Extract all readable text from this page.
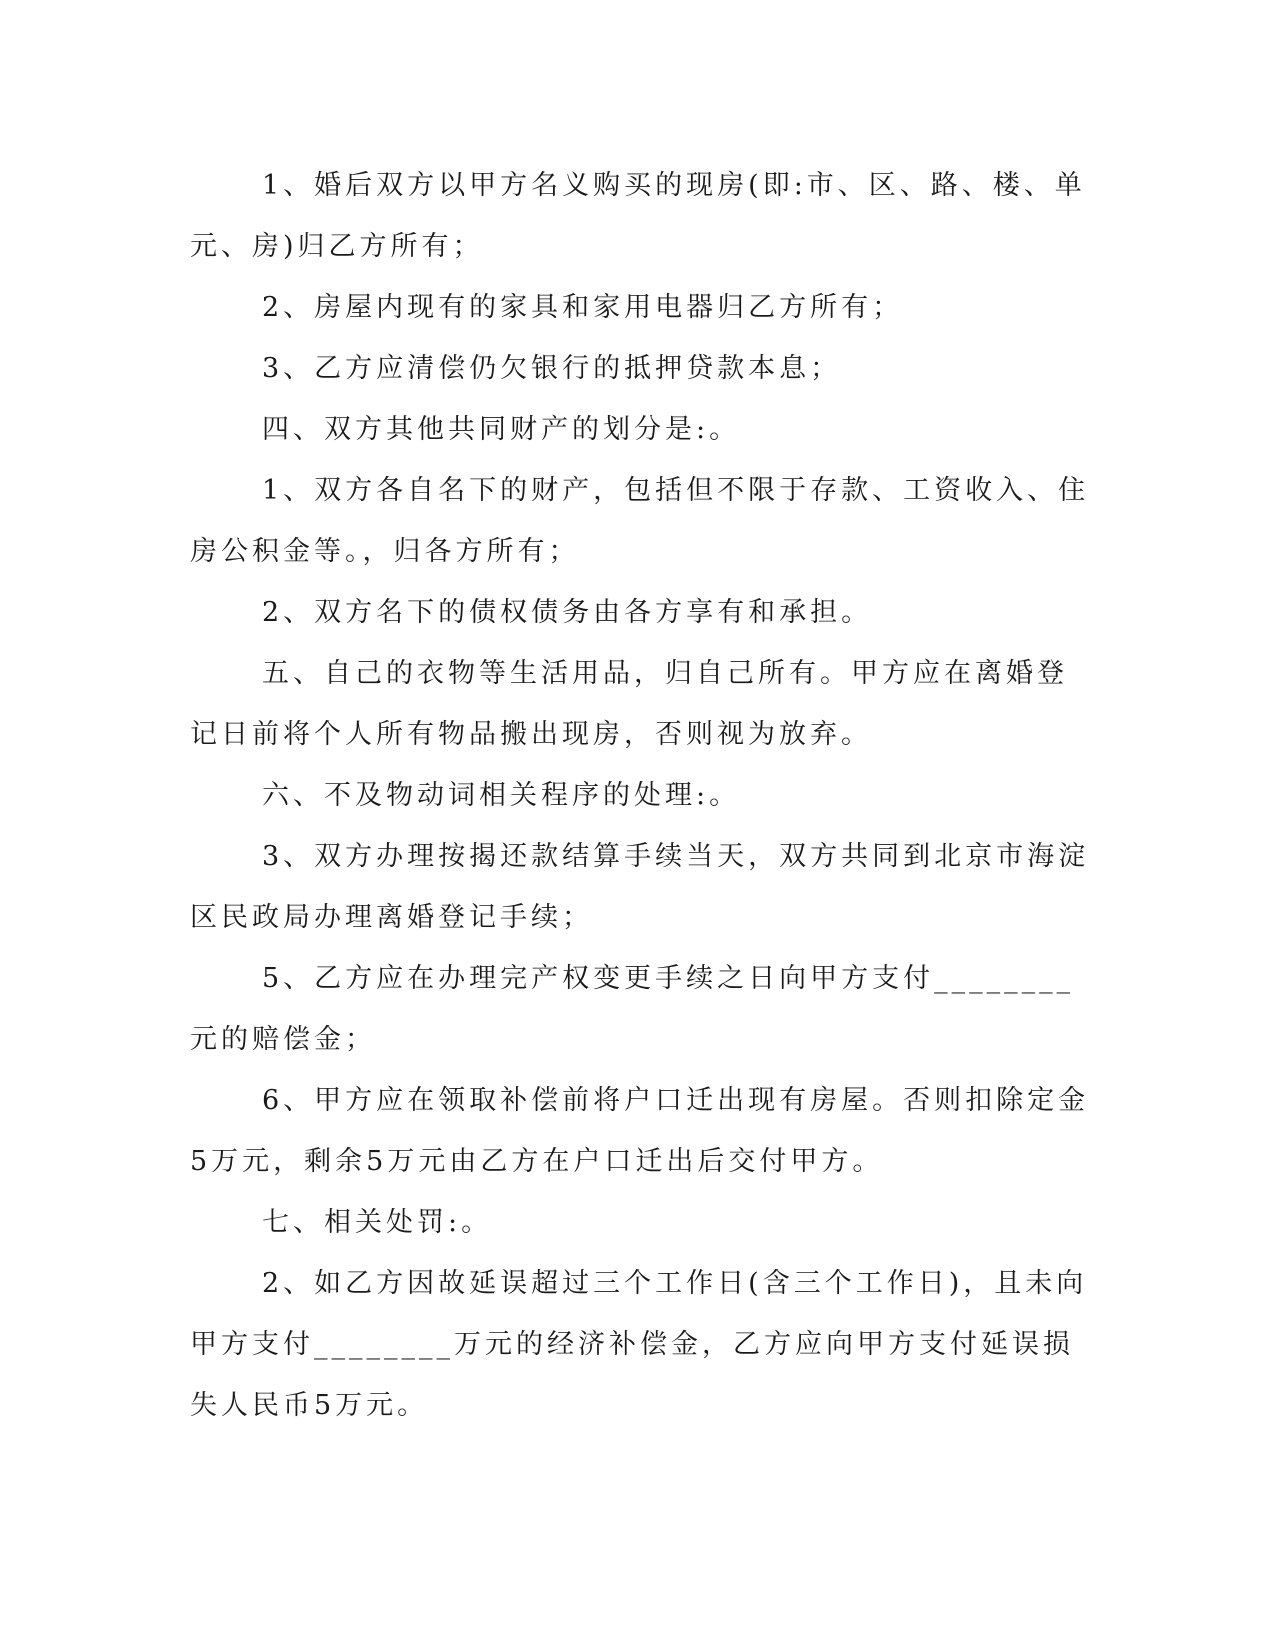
1、婚后双方以甲方名义购买的现房(即:市、区、路、楼、单元、房)归乙方所有；

2、房屋内现有的家具和家用电器归乙方所有；

3、乙方应清偿仍欠银行的抵押贷款本息；

四、双方其他共同财产的划分是:。

1、双方各自名下的财产，包括但不限于存款、工资收入、住房公积金等。，归各方所有；

2、双方名下的债权债务由各方享有和承担。

五、自己的衣物等生活用品，归自己所有。甲方应在离婚登记日前将个人所有物品搬出现房，否则视为放弃。

六、不及物动词相关程序的处理:。

3、双方办理按揭还款结算手续当天，双方共同到北京市海淀区民政局办理离婚登记手续；

5、乙方应在办理完产权变更手续之日向甲方支付________元的赔偿金；

6、甲方应在领取补偿前将户口迁出现有房屋。否则扣除定金5万元，剩余5万元由乙方在户口迁出后交付甲方。

七、相关处罚:。

2、如乙方因故延误超过三个工作日(含三个工作日)，且未向甲方支付________万元的经济补偿金，乙方应向甲方支付延误损失人民币5万元。
